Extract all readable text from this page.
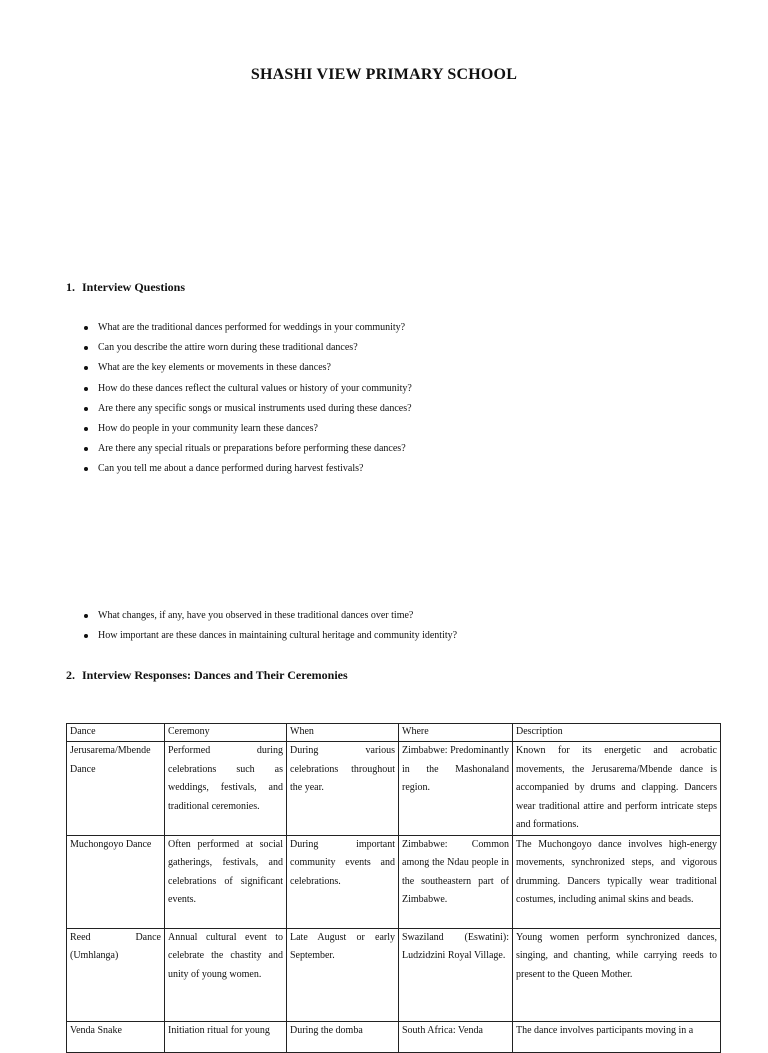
SHASHI VIEW PRIMARY SCHOOL
1. Interview Questions
What are the traditional dances performed for weddings in your community?
Can you describe the attire worn during these traditional dances?
What are the key elements or movements in these dances?
How do these dances reflect the cultural values or history of your community?
Are there any specific songs or musical instruments used during these dances?
How do people in your community learn these dances?
Are there any special rituals or preparations before performing these dances?
Can you tell me about a dance performed during harvest festivals?
What changes, if any, have you observed in these traditional dances over time?
How important are these dances in maintaining cultural heritage and community identity?
2. Interview Responses: Dances and Their Ceremonies
Dance	Ceremony	When	Where	Description
Jerusarema/Mbende Dance	Performed during celebrations such as weddings, festivals, and traditional ceremonies.	During various celebrations throughout the year.	Zimbabwe: Predominantly in the Mashonaland region.	Known for its energetic and acrobatic movements, the Jerusarema/Mbende dance is accompanied by drums and clapping. Dancers wear traditional attire and perform intricate steps and formations.
Muchongoyo Dance	Often performed at social gatherings, festivals, and celebrations of significant events.	During important community events and celebrations.	Zimbabwe: Common among the Ndau people in the southeastern part of Zimbabwe.	The Muchongoyo dance involves high-energy movements, synchronized steps, and vigorous drumming. Dancers typically wear traditional costumes, including animal skins and beads.
Reed Dance (Umhlanga)	Annual cultural event to celebrate the chastity and unity of young women.	Late August or early September.	Swaziland (Eswatini): Ludzidzini Royal Village.	Young women perform synchronized dances, singing, and chanting, while carrying reeds to present to the Queen Mother.
Venda Snake	Initiation ritual for young	During the domba	South Africa: Venda	The dance involves participants moving in a
